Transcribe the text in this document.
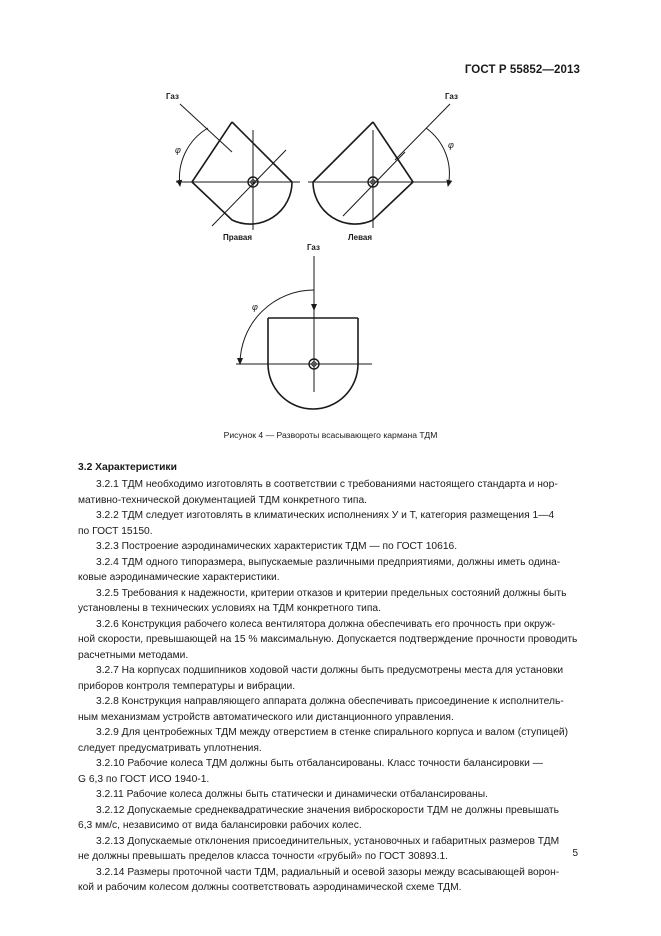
ГОСТ Р 55852—2013
Газ
φ
Правая
Газ
φ
Левая
Газ
φ
Рисунок 4 — Развороты всасывающего кармана ТДМ
3.2 Характеристики

3.2.1 ТДМ необходимо изготовлять в соответствии с требованиями настоящего стандарта и нор-
мативно-технической документацией ТДМ конкретного типа.

3.2.2 ТДМ следует изготовлять в климатических исполнениях У и Т, категория размещения 1—4
по ГОСТ 15150.

3.2.3 Построение аэродинамических характеристик ТДМ — по ГОСТ 10616.

3.2.4 ТДМ одного типоразмера, выпускаемые различными предприятиями, должны иметь одина-
ковые аэродинамические характеристики.

3.2.5 Требования к надежности, критерии отказов и критерии предельных состояний должны быть
установлены в технических условиях на ТДМ конкретного типа.

3.2.6 Конструкция рабочего колеса вентилятора должна обеспечивать его прочность при окруж-
ной скорости, превышающей на 15 % максимальную. Допускается подтверждение прочности проводить
расчетными методами.

3.2.7 На корпусах подшипников ходовой части должны быть предусмотрены места для установки
приборов контроля температуры и вибрации.

3.2.8 Конструкция направляющего аппарата должна обеспечивать присоединение к исполнитель-
ным механизмам устройств автоматического или дистанционного управления.

3.2.9 Для центробежных ТДМ между отверстием в стенке спирального корпуса и валом (ступицей)
следует предусматривать уплотнения.

3.2.10 Рабочие колеса ТДМ должны быть отбалансированы. Класс точности балансировки —
G 6,3 по ГОСТ ИСО 1940-1.

3.2.11 Рабочие колеса должны быть статически и динамически отбалансированы.

3.2.12 Допускаемые среднеквадратические значения виброскорости ТДМ не должны превышать
6,3 мм/с, независимо от вида балансировки рабочих колес.

3.2.13 Допускаемые отклонения присоединительных, установочных и габаритных размеров ТДМ
не должны превышать пределов класса точности «грубый» по ГОСТ 30893.1.

3.2.14 Размеры проточной части ТДМ, радиальный и осевой зазоры между всасывающей ворон-
кой и рабочим колесом должны соответствовать аэродинамической схеме ТДМ.

5
